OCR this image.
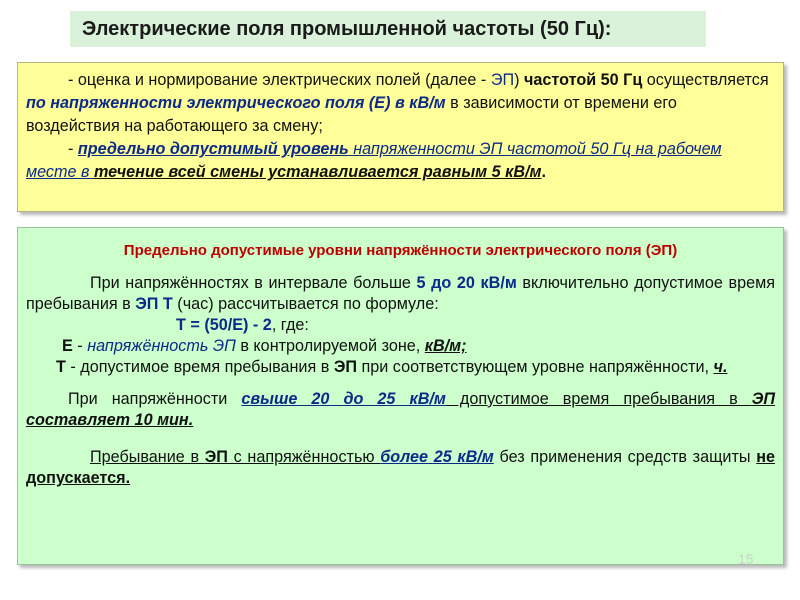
Электрические поля промышленной частоты (50 Гц):

- оценка и нормирование электрических полей (далее - ЭП) частотой 50 Гц осуществляется по напряженности электрического поля (Е) в кВ/м в зависимости от времени его воздействия на работающего за смену;

- предельно допустимый уровень напряженности ЭП частотой 50 Гц на рабочем месте в течение всей смены устанавливается равным 5 кВ/м.

Предельно допустимые уровни напряжённости электрического поля (ЭП)

При напряжённостях в интервале больше 5 до 20 кВ/м включительно допустимое время пребывания в ЭП Т (час) рассчитывается по формуле:

Т = (50/Е) - 2, где:

Е - напряжённость ЭП в контролируемой зоне, кВ/м;

Т - допустимое время пребывания в ЭП при соответствующем уровне напряжённости, ч.

При напряжённости свыше 20 до 25 кВ/м допустимое время пребывания в ЭП составляет 10 мин.

Пребывание в ЭП с напряжённостью более 25 кВ/м без применения средств защиты не допускается.

15
